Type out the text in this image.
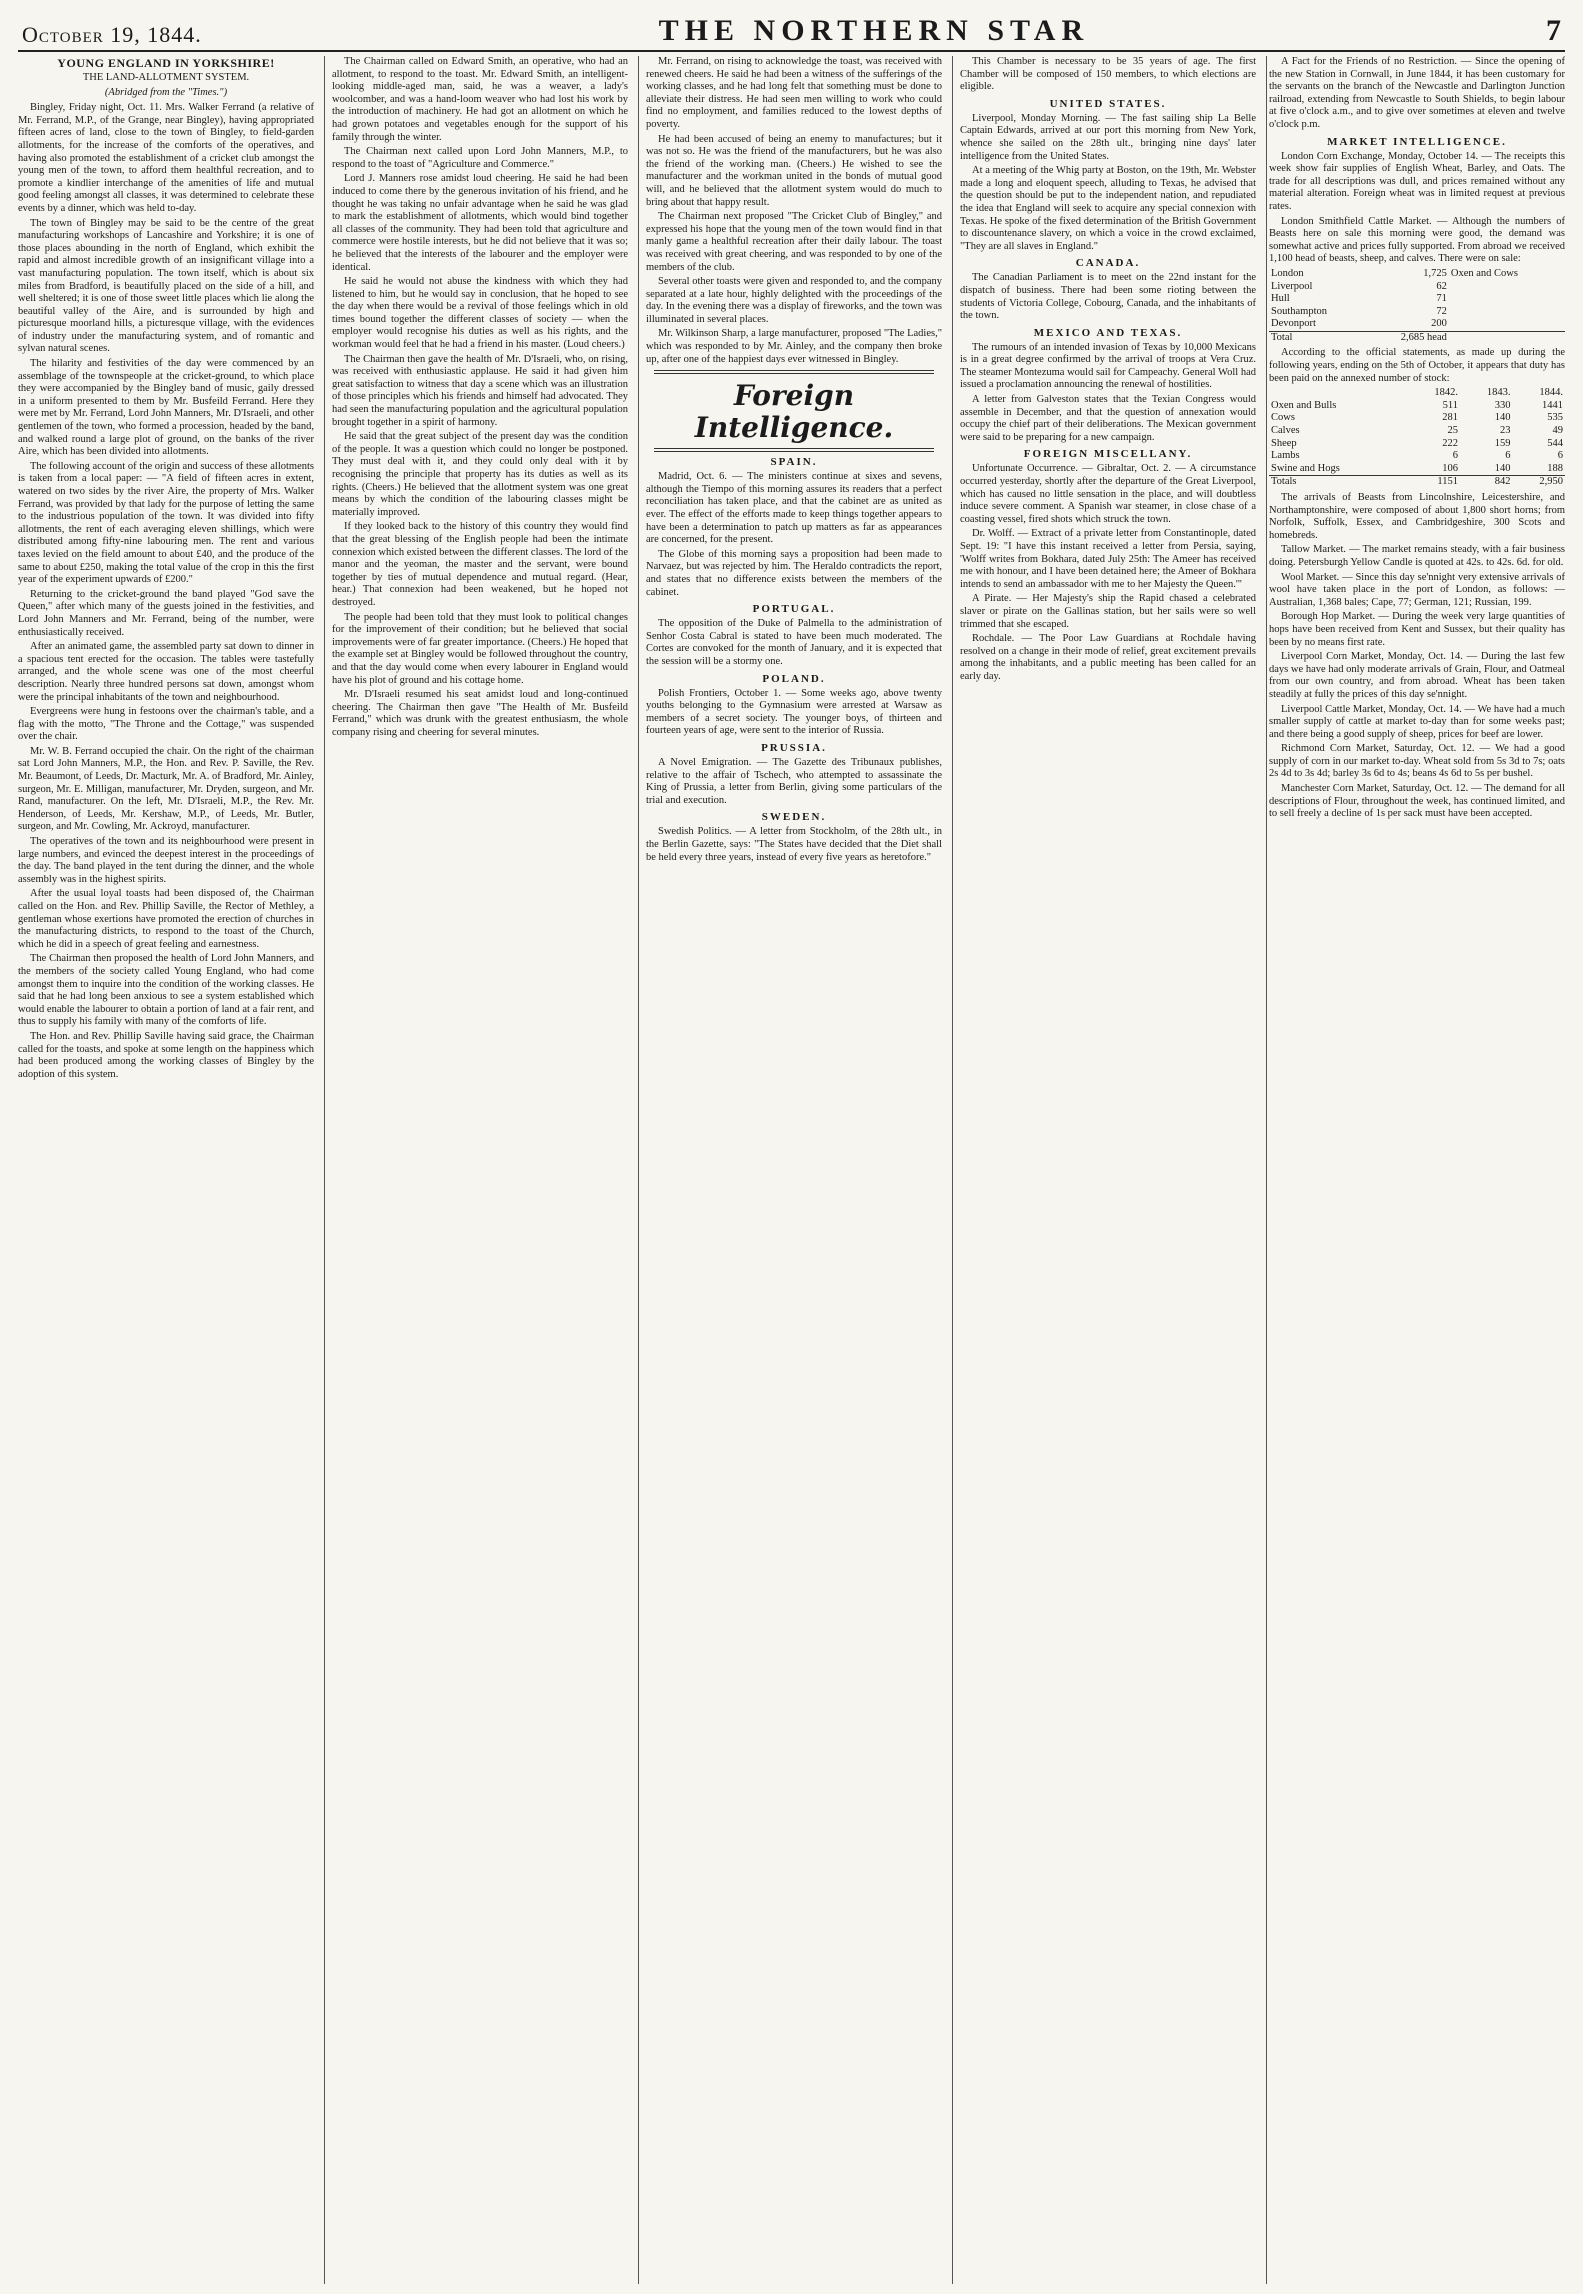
October 19, 1844.	THE NORTHERN STAR	7
YOUNG ENGLAND IN YORKSHIRE!
THE LAND-ALLOTMENT SYSTEM.
(Abridged from the "Times.")

Bingley, Friday night, Oct. 11. Mrs. Walker Ferrand (a relative of Mr. Ferrand, M.P., of the Grange, near Bingley), having appropriated fifteen acres of land, close to the town of Bingley, to field-garden allotments, for the increase of the comforts of the operatives, and having also promoted the establishment of a cricket club amongst the young men of the town, to afford them healthful recreation, and to promote a kindlier interchange of the amenities of life and mutual good feeling amongst all classes, it was determined to celebrate these events by a dinner, which was held to-day.

The town of Bingley may be said to be the centre of the great manufacturing workshops of Lancashire and Yorkshire; it is one of those places abounding in the north of England, which exhibit the rapid and almost incredible growth of an insignificant village into a vast manufacturing population. The town itself, which is about six miles from Bradford, is beautifully placed on the side of a hill, and well sheltered; it is one of those sweet little places which lie along the beautiful valley of the Aire, and is surrounded by high and picturesque moorland hills, a picturesque village, with the evidences of industry under the manufacturing system, and of romantic and sylvan natural scenes.

The hilarity and festivities of the day were commenced by an assemblage of the townspeople at the cricket-ground, to which place they were accompanied by the Bingley band of music, gaily dressed in a uniform presented to them by Mr. Busfeild Ferrand. Here they were met by Mr. Ferrand, Lord John Manners, Mr. D'Israeli, and other gentlemen of the town, who formed a procession, headed by the band, and walked round a large plot of ground, on the banks of the river Aire, which has been divided into allotments.

The following account of the origin and success of these allotments is taken from a local paper: — "A field of fifteen acres in extent, watered on two sides by the river Aire, the property of Mrs. Walker Ferrand, was provided by that lady for the purpose of letting the same to the industrious population of the town. It was divided into fifty allotments, the rent of each averaging eleven shillings, which were distributed among fifty-nine labouring men. The rent and various taxes levied on the field amount to about £40, and the produce of the same to about £250, making the total value of the crop in this the first year of the experiment upwards of £200."

Returning to the cricket-ground the band played "God save the Queen," after which many of the guests joined in the festivities, and Lord John Manners and Mr. Ferrand, being of the number, were enthusiastically received.

After an animated game, the assembled party sat down to dinner in a spacious tent erected for the occasion. The tables were tastefully arranged, and the whole scene was one of the most cheerful description. Nearly three hundred persons sat down, amongst whom were the principal inhabitants of the town and neighbourhood.

Evergreens were hung in festoons over the chairman's table, and a flag with the motto, "The Throne and the Cottage," was suspended over the chair.

Mr. W. B. Ferrand occupied the chair. On the right of the chairman sat Lord John Manners, M.P., the Hon. and Rev. P. Saville, the Rev. Mr. Beaumont, of Leeds, Dr. Macturk, Mr. A. of Bradford, Mr. Ainley, surgeon, Mr. E. Milligan, manufacturer, Mr. Dryden, surgeon, and Mr. Rand, manufacturer. On the left, Mr. D'Israeli, M.P., the Rev. Mr. Henderson, of Leeds, Mr. Kershaw, M.P., of Leeds, Mr. Butler, surgeon, and Mr. Cowling, Mr. Ackroyd, manufacturer.

The operatives of the town and its neighbourhood were present in large numbers, and evinced the deepest interest in the proceedings of the day. The band played in the tent during the dinner, and the whole assembly was in the highest spirits.

After the usual loyal toasts had been disposed of, the Chairman called on the Hon. and Rev. Phillip Saville, the Rector of Methley, a gentleman whose exertions have promoted the erection of churches in the manufacturing districts, to respond to the toast of the Church, which he did in a speech of great feeling and earnestness.

The Chairman then proposed the health of Lord John Manners, and the members of the society called Young England, who had come amongst them to inquire into the condition of the working classes. He said that he had long been anxious to see a system established which would enable the labourer to obtain a portion of land at a fair rent, and thus to supply his family with many of the comforts of life.

The Hon. and Rev. Phillip Saville having said grace, the Chairman called for the toasts, and spoke at some length on the happiness which had been produced among the working classes of Bingley by the adoption of this system.

The Chairman called on Edward Smith, an operative, who had an allotment, to respond to the toast. Mr. Edward Smith, an intelligent-looking middle-aged man, said, he was a weaver, a lady's woolcomber, and was a hand-loom weaver who had lost his work by the introduction of machinery. He had got an allotment on which he had grown potatoes and vegetables enough for the support of his family through the winter.

The Chairman next called upon Lord John Manners, M.P., to respond to the toast of "Agriculture and Commerce."

Lord J. Manners rose amidst loud cheering. He said he had been induced to come there by the generous invitation of his friend, and he thought he was taking no unfair advantage when he said he was glad to mark the establishment of allotments, which would bind together all classes of the community. They had been told that agriculture and commerce were hostile interests, but he did not believe that it was so; he believed that the interests of the labourer and the employer were identical.

He said he would not abuse the kindness with which they had listened to him, but he would say in conclusion, that he hoped to see the day when there would be a revival of those feelings which in old times bound together the different classes of society — when the employer would recognise his duties as well as his rights, and the workman would feel that he had a friend in his master. (Loud cheers.)

The Chairman then gave the health of Mr. D'Israeli, who, on rising, was received with enthusiastic applause. He said it had given him great satisfaction to witness that day a scene which was an illustration of those principles which his friends and himself had advocated. They had seen the manufacturing population and the agricultural population brought together in a spirit of harmony.

He said that the great subject of the present day was the condition of the people. It was a question which could no longer be postponed. They must deal with it, and they could only deal with it by recognising the principle that property has its duties as well as its rights. (Cheers.) He believed that the allotment system was one great means by which the condition of the labouring classes might be materially improved.

If they looked back to the history of this country they would find that the great blessing of the English people had been the intimate connexion which existed between the different classes. The lord of the manor and the yeoman, the master and the servant, were bound together by ties of mutual dependence and mutual regard. (Hear, hear.) That connexion had been weakened, but he hoped not destroyed.

The people had been told that they must look to political changes for the improvement of their condition; but he believed that social improvements were of far greater importance. (Cheers.) He hoped that the example set at Bingley would be followed throughout the country, and that the day would come when every labourer in England would have his plot of ground and his cottage home.

Mr. D'Israeli resumed his seat amidst loud and long-continued cheering. The Chairman then gave "The Health of Mr. Busfeild Ferrand," which was drunk with the greatest enthusiasm, the whole company rising and cheering for several minutes.

Mr. Ferrand, on rising to acknowledge the toast, was received with renewed cheers. He said he had been a witness of the sufferings of the working classes, and he had long felt that something must be done to alleviate their distress. He had seen men willing to work who could find no employment, and families reduced to the lowest depths of poverty.

He had been accused of being an enemy to manufactures; but it was not so. He was the friend of the manufacturers, but he was also the friend of the working man. (Cheers.) He wished to see the manufacturer and the workman united in the bonds of mutual good will, and he believed that the allotment system would do much to bring about that happy result.

The Chairman next proposed "The Cricket Club of Bingley," and expressed his hope that the young men of the town would find in that manly game a healthful recreation after their daily labour. The toast was received with great cheering, and was responded to by one of the members of the club.

Several other toasts were given and responded to, and the company separated at a late hour, highly delighted with the proceedings of the day. In the evening there was a display of fireworks, and the town was illuminated in several places.

Mr. Wilkinson Sharp, a large manufacturer, proposed "The Ladies," which was responded to by Mr. Ainley, and the company then broke up, after one of the happiest days ever witnessed in Bingley.

Foreign Intelligence.
SPAIN.

Madrid, Oct. 6. — The ministers continue at sixes and sevens, although the Tiempo of this morning assures its readers that a perfect reconciliation has taken place, and that the cabinet are as united as ever. The effect of the efforts made to keep things together appears to have been a determination to patch up matters as far as appearances are concerned, for the present.

The Globe of this morning says a proposition had been made to Narvaez, but was rejected by him. The Heraldo contradicts the report, and states that no difference exists between the members of the cabinet.

PORTUGAL.

The opposition of the Duke of Palmella to the administration of Senhor Costa Cabral is stated to have been much moderated. The Cortes are convoked for the month of January, and it is expected that the session will be a stormy one.

POLAND.

Polish Frontiers, October 1. — Some weeks ago, above twenty youths belonging to the Gymnasium were arrested at Warsaw as members of a secret society. The younger boys, of thirteen and fourteen years of age, were sent to the interior of Russia.

PRUSSIA.

A Novel Emigration. — The Gazette des Tribunaux publishes, relative to the affair of Tschech, who attempted to assassinate the King of Prussia, a letter from Berlin, giving some particulars of the trial and execution.

SWEDEN.

Swedish Politics. — A letter from Stockholm, of the 28th ult., in the Berlin Gazette, says: "The States have decided that the Diet shall be held every three years, instead of every five years as heretofore."

This Chamber is necessary to be 35 years of age. The first Chamber will be composed of 150 members, to which elections are eligible.

UNITED STATES.

Liverpool, Monday Morning. — The fast sailing ship La Belle Captain Edwards, arrived at our port this morning from New York, whence she sailed on the 28th ult., bringing nine days' later intelligence from the United States.

At a meeting of the Whig party at Boston, on the 19th, Mr. Webster made a long and eloquent speech, alluding to Texas, he advised that the question should be put to the independent nation, and repudiated the idea that England will seek to acquire any special connexion with Texas. He spoke of the fixed determination of the British Government to discountenance slavery, on which a voice in the crowd exclaimed, "They are all slaves in England."

CANADA.

The Canadian Parliament is to meet on the 22nd instant for the dispatch of business. There had been some rioting between the students of Victoria College, Cobourg, Canada, and the inhabitants of the town.

MEXICO AND TEXAS.

The rumours of an intended invasion of Texas by 10,000 Mexicans is in a great degree confirmed by the arrival of troops at Vera Cruz. The steamer Montezuma would sail for Campeachy. General Woll had issued a proclamation announcing the renewal of hostilities.

A letter from Galveston states that the Texian Congress would assemble in December, and that the question of annexation would occupy the chief part of their deliberations. The Mexican government were said to be preparing for a new campaign.

FOREIGN MISCELLANY.

Unfortunate Occurrence. — Gibraltar, Oct. 2. — A circumstance occurred yesterday, shortly after the departure of the Great Liverpool, which has caused no little sensation in the place, and will doubtless induce severe comment. A Spanish war steamer, in close chase of a coasting vessel, fired shots which struck the town.

Dr. Wolff. — Extract of a private letter from Constantinople, dated Sept. 19: "I have this instant received a letter from Persia, saying, 'Wolff writes from Bokhara, dated July 25th: The Ameer has received me with honour, and I have been detained here; the Ameer of Bokhara intends to send an ambassador with me to her Majesty the Queen.'"

A Pirate. — Her Majesty's ship the Rapid chased a celebrated slaver or pirate on the Gallinas station, but her sails were so well trimmed that she escaped.

Rochdale. — The Poor Law Guardians at Rochdale having resolved on a change in their mode of relief, great excitement prevails among the inhabitants, and a public meeting has been called for an early day.

A Fact for the Friends of no Restriction. — Since the opening of the new Station in Cornwall, in June 1844, it has been customary for the servants on the branch of the Newcastle and Darlington Junction railroad, extending from Newcastle to South Shields, to begin labour at five o'clock a.m., and to give over sometimes at eleven and twelve o'clock p.m.

MARKET INTELLIGENCE.

London Corn Exchange, Monday, October 14. — The receipts this week show fair supplies of English Wheat, Barley, and Oats. The trade for all descriptions was dull, and prices remained without any material alteration. Foreign wheat was in limited request at previous rates.

London Smithfield Cattle Market. — Although the numbers of Beasts here on sale this morning were good, the demand was somewhat active and prices fully supported. From abroad we received 1,100 head of beasts, sheep, and calves. There were on sale:

London	1,725	Oxen and Cows
Liverpool	62	
Hull	71	
Southampton	72	
Devonport	200	
Total	2,685 head	

According to the official statements, as made up during the following years, ending on the 5th of October, it appears that duty has been paid on the annexed number of stock:

	1842.	1843.	1844.
Oxen and Bulls	511	330	1441
Cows	281	140	535
Calves	25	23	49
Sheep	222	159	544
Lambs	6	6	6
Swine and Hogs	106	140	188
Totals	1151	842	2,950

The arrivals of Beasts from Lincolnshire, Leicestershire, and Northamptonshire, were composed of about 1,800 short horns; from Norfolk, Suffolk, Essex, and Cambridgeshire, 300 Scots and homebreds.

Tallow Market. — The market remains steady, with a fair business doing. Petersburgh Yellow Candle is quoted at 42s. to 42s. 6d. for old.

Wool Market. — Since this day se'nnight very extensive arrivals of wool have taken place in the port of London, as follows: — Australian, 1,368 bales; Cape, 77; German, 121; Russian, 199.

Borough Hop Market. — During the week very large quantities of hops have been received from Kent and Sussex, but their quality has been by no means first rate.

Liverpool Corn Market, Monday, Oct. 14. — During the last few days we have had only moderate arrivals of Grain, Flour, and Oatmeal from our own country, and from abroad. Wheat has been taken steadily at fully the prices of this day se'nnight.

Liverpool Cattle Market, Monday, Oct. 14. — We have had a much smaller supply of cattle at market to-day than for some weeks past; and there being a good supply of sheep, prices for beef are lower.

Richmond Corn Market, Saturday, Oct. 12. — We had a good supply of corn in our market to-day. Wheat sold from 5s 3d to 7s; oats 2s 4d to 3s 4d; barley 3s 6d to 4s; beans 4s 6d to 5s per bushel.

Manchester Corn Market, Saturday, Oct. 12. — The demand for all descriptions of Flour, throughout the week, has continued limited, and to sell freely a decline of 1s per sack must have been accepted.
